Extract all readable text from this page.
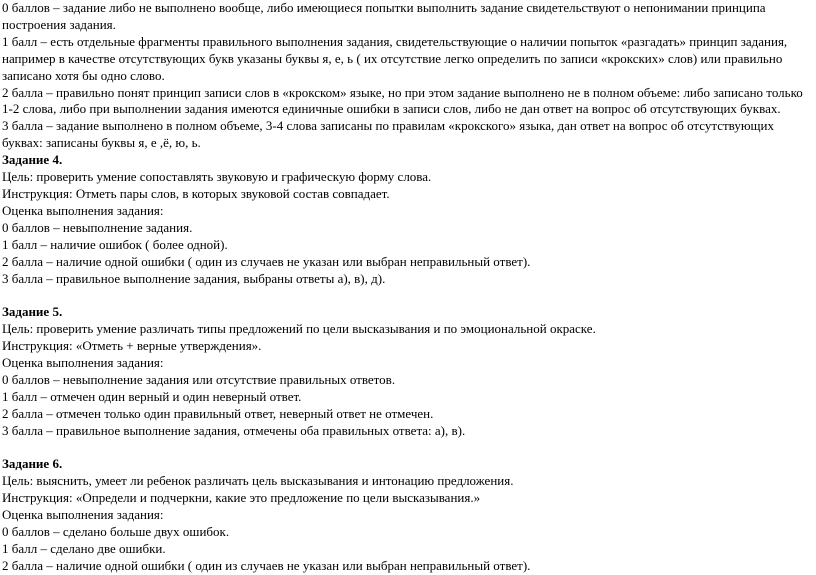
0 баллов – задание либо не выполнено вообще, либо имеющиеся попытки выполнить задание свидетельствуют о непонимании принципа построения задания.

1 балл – есть отдельные фрагменты правильного выполнения задания, свидетельствующие о наличии попыток «разгадать» принцип задания, например в качестве отсутствующих букв указаны буквы я, е, ь ( их отсутствие легко определить по записи «крокских» слов) или правильно записано хотя бы одно слово.

2 балла – правильно понят принцип записи слов в «крокском» языке, но при этом задание выполнено не в полном объеме: либо записано только 1-2 слова, либо при выполнении задания имеются единичные ошибки в записи слов, либо не дан ответ на вопрос об отсутствующих буквах.

3 балла – задание выполнено в полном объеме, 3-4 слова записаны по правилам «крокского» языка, дан ответ на вопрос об отсутствующих буквах: записаны буквы я, е ,ё, ю, ь.

Задание 4.

Цель: проверить умение сопоставлять звуковую и графическую форму слова.

Инструкция: Отметь пары слов, в которых звуковой состав совпадает.

Оценка выполнения задания:

0 баллов – невыполнение задания.

1 балл – наличие ошибок ( более одной).

2 балла – наличие одной ошибки ( один из случаев не указан или выбран неправильный ответ).

3 балла – правильное выполнение задания, выбраны ответы а), в), д).

Задание 5.

Цель: проверить умение различать типы предложений по цели высказывания и по эмоциональной окраске.

Инструкция: «Отметь + верные утверждения».

Оценка выполнения задания:

0 баллов – невыполнение задания или отсутствие правильных ответов.

1 балл – отмечен один верный и один неверный ответ.

2 балла – отмечен только один правильный ответ, неверный ответ не отмечен.

3 балла – правильное выполнение задания, отмечены оба правильных ответа: а), в).

Задание 6.

Цель: выяснить, умеет ли ребенок различать цель высказывания и интонацию предложения.

Инструкция: «Определи и подчеркни, какие это предложение по цели высказывания.»

Оценка выполнения задания:

0 баллов – сделано больше двух ошибок.

1 балл – сделано две ошибки.

2 балла – наличие одной ошибки ( один из случаев не указан или выбран неправильный ответ).
